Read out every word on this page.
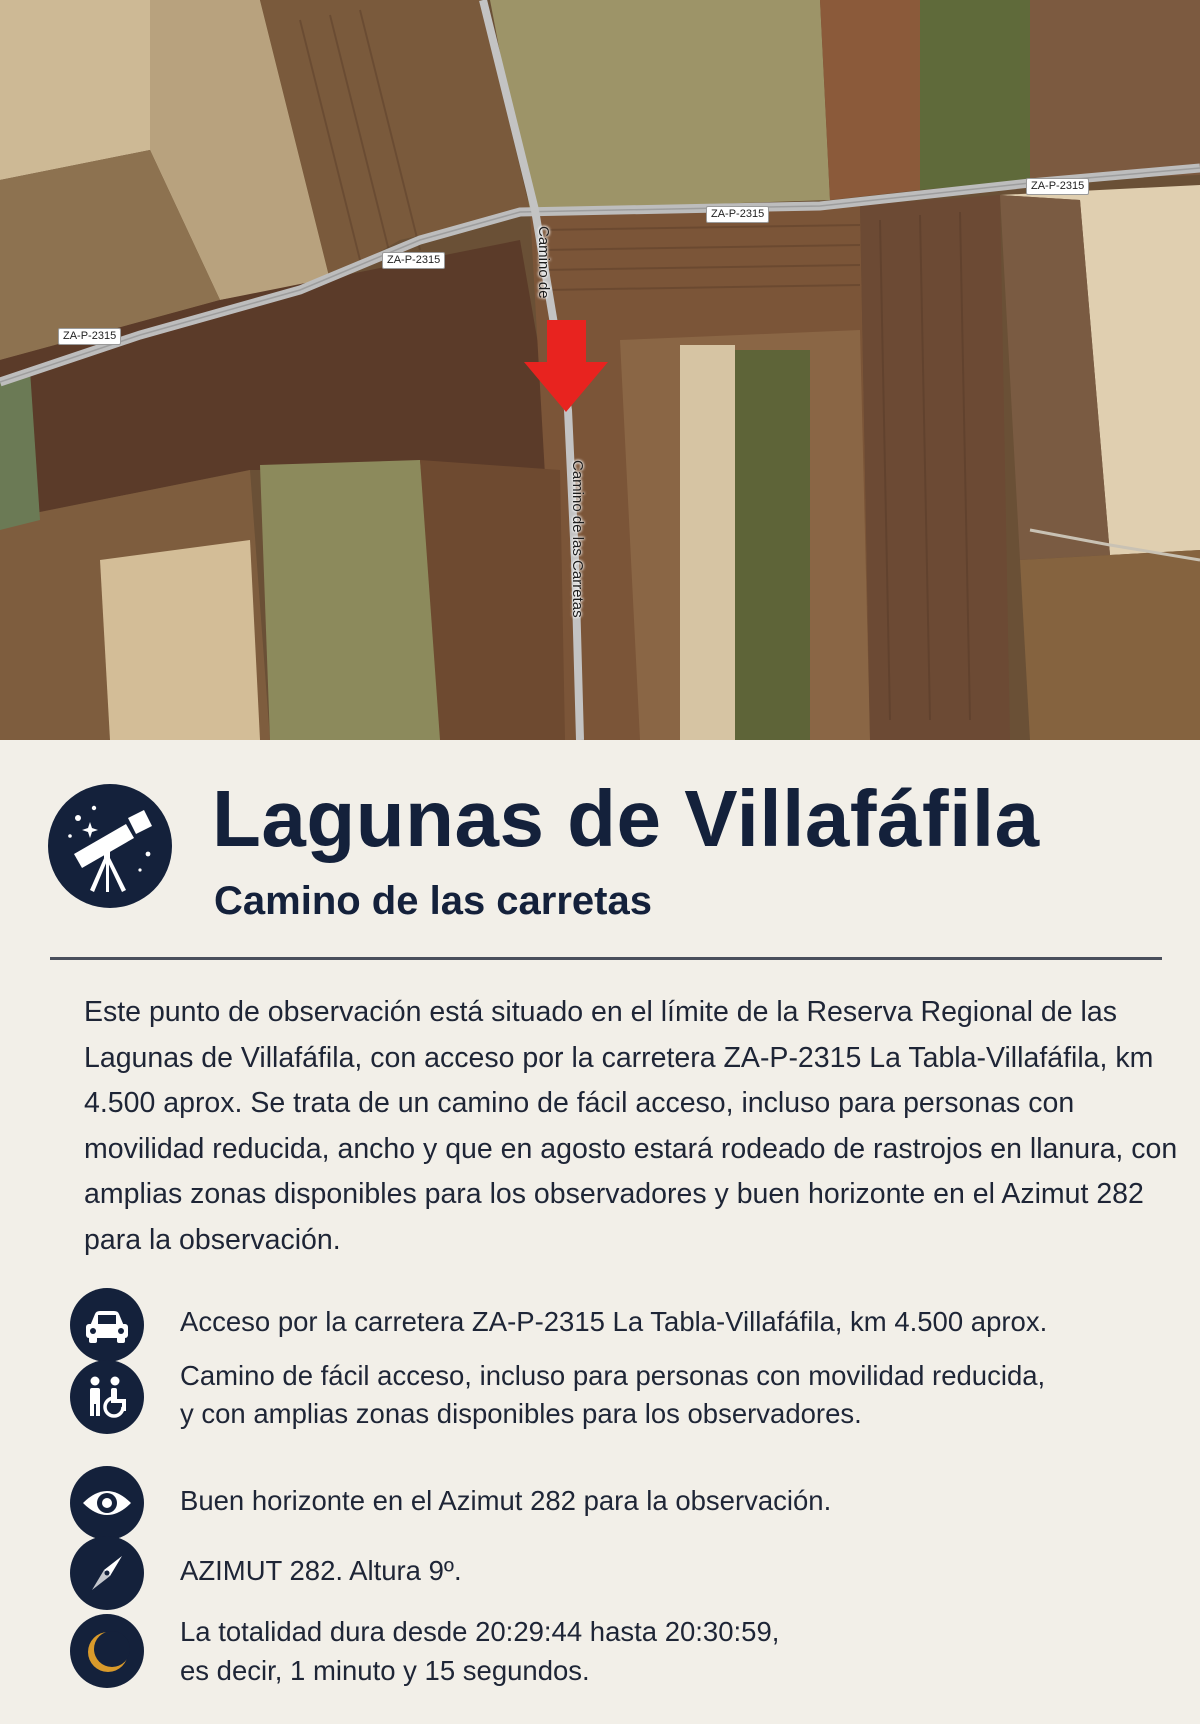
ZA-P-2315
ZA-P-2315
ZA-P-2315
ZA-P-2315
Camino de
Camino de las Carretas
Lagunas de Villafáfila
Camino de las carretas
Este punto de observación está situado en el límite de la Reserva Regional de las Lagunas de Villafáfila, con acceso por la carretera ZA-P-2315 La Tabla-Villafáfila, km 4.500 aprox. Se trata de un camino de fácil acceso, incluso para personas con movilidad reducida, ancho y que en agosto estará rodeado de rastrojos en llanura, con amplias zonas disponibles para los observadores y buen horizonte en el Azimut 282 para la observación.
Acceso por la carretera ZA-P-2315 La Tabla-Villafáfila, km 4.500 aprox.
Camino de fácil acceso, incluso para personas con movilidad reducida,
y con amplias zonas disponibles para los observadores.
Buen horizonte en el Azimut 282 para la observación.
AZIMUT 282. Altura 9º.
La totalidad dura desde 20:29:44 hasta 20:30:59,
es decir, 1 minuto y 15 segundos.
